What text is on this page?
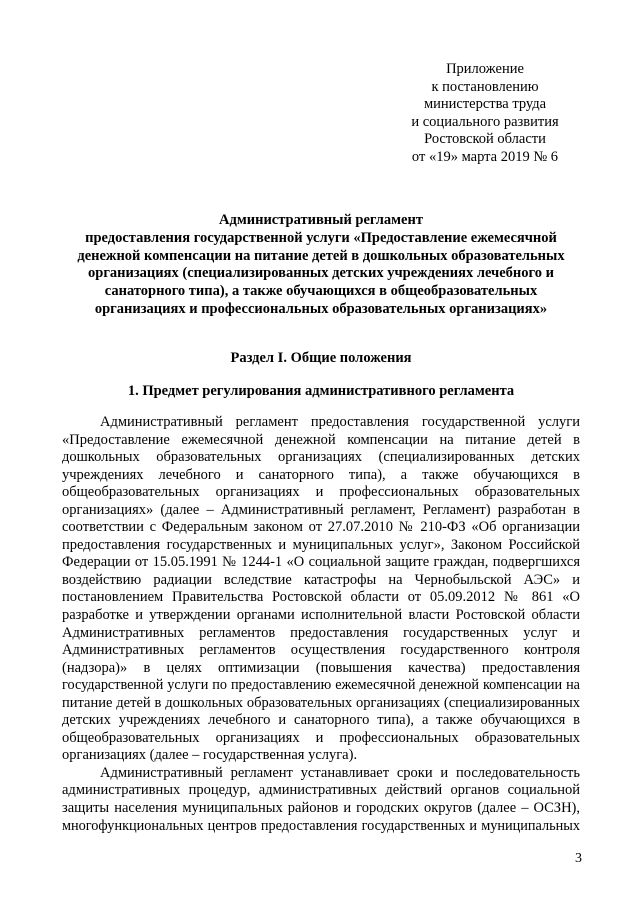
Приложение
к постановлению
министерства труда
и социального развития
Ростовской области
от «19» марта 2019 № 6
Административный регламент
предоставления государственной услуги «Предоставление ежемесячной
денежной компенсации на питание детей в дошкольных образовательных
организациях (специализированных детских учреждениях лечебного и
санаторного типа), а также обучающихся в общеобразовательных
организациях и профессиональных образовательных организациях»
Раздел I. Общие положения
1. Предмет регулирования административного регламента
Административный регламент предоставления государственной услуги
«Предоставление ежемесячной денежной компенсации на питание детей в
дошкольных образовательных организациях (специализированных детских
учреждениях лечебного и санаторного типа), а также обучающихся в
общеобразовательных организациях и профессиональных образовательных
организациях» (далее – Административный регламент, Регламент) разработан в
соответствии с Федеральным законом от 27.07.2010 № 210-ФЗ «Об организации
предоставления государственных и муниципальных услуг», Законом Российской
Федерации от 15.05.1991 № 1244-1 «О социальной защите граждан, подвергшихся
воздействию радиации вследствие катастрофы на Чернобыльской АЭС» и
постановлением Правительства Ростовской области от 05.09.2012 № 861 «О
разработке и утверждении органами исполнительной власти Ростовской области
Административных регламентов предоставления государственных услуг и
Административных регламентов осуществления государственного контроля
(надзора)» в целях оптимизации (повышения качества) предоставления
государственной услуги по предоставлению ежемесячной денежной компенсации на
питание детей в дошкольных образовательных организациях (специализированных
детских учреждениях лечебного и санаторного типа), а также обучающихся в
общеобразовательных организациях и профессиональных образовательных
организациях (далее – государственная услуга).
Административный регламент устанавливает сроки и последовательность
административных процедур, административных действий органов социальной
защиты населения муниципальных районов и городских округов (далее – ОСЗН),
многофункциональных центров предоставления государственных и муниципальных
3
